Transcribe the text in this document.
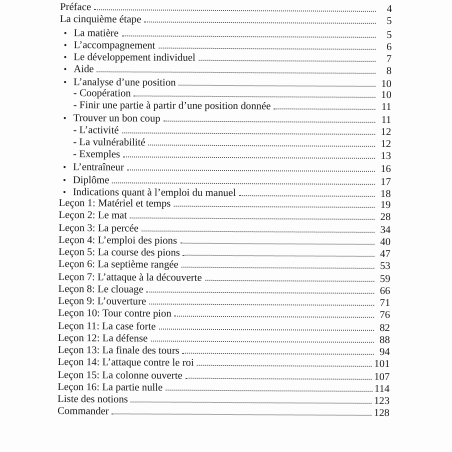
Préface	4
La cinquième étape	5
• La matière	5
• L’accompagnement	6
• Le développement individuel	7
• Aide	8
• L’analyse d’une position	10
- Coopération	10
- Finir une partie à partir d’une position donnée	11
• Trouver un bon coup	11
- L’activité	12
- La vulnérabilité	12
- Exemples	13
• L’entraîneur	16
• Diplôme	17
• Indications quant à l’emploi du manuel	18
Leçon 1: Matériel et temps	19
Leçon 2: Le mat	28
Leçon 3: La percée	34
Leçon 4: L’emploi des pions	40
Leçon 5: La course des pions	47
Leçon 6: La septième rangée	53
Leçon 7: L’attaque à la découverte	59
Leçon 8: Le clouage	66
Leçon 9: L’ouverture	71
Leçon 10: Tour contre pion	76
Leçon 11: La case forte	82
Leçon 12: La défense	88
Leçon 13: La finale des tours	94
Leçon 14: L’attaque contre le roi	101
Leçon 15: La colonne ouverte	107
Leçon 16: La partie nulle	114
Liste des notions	123
Commander	128
